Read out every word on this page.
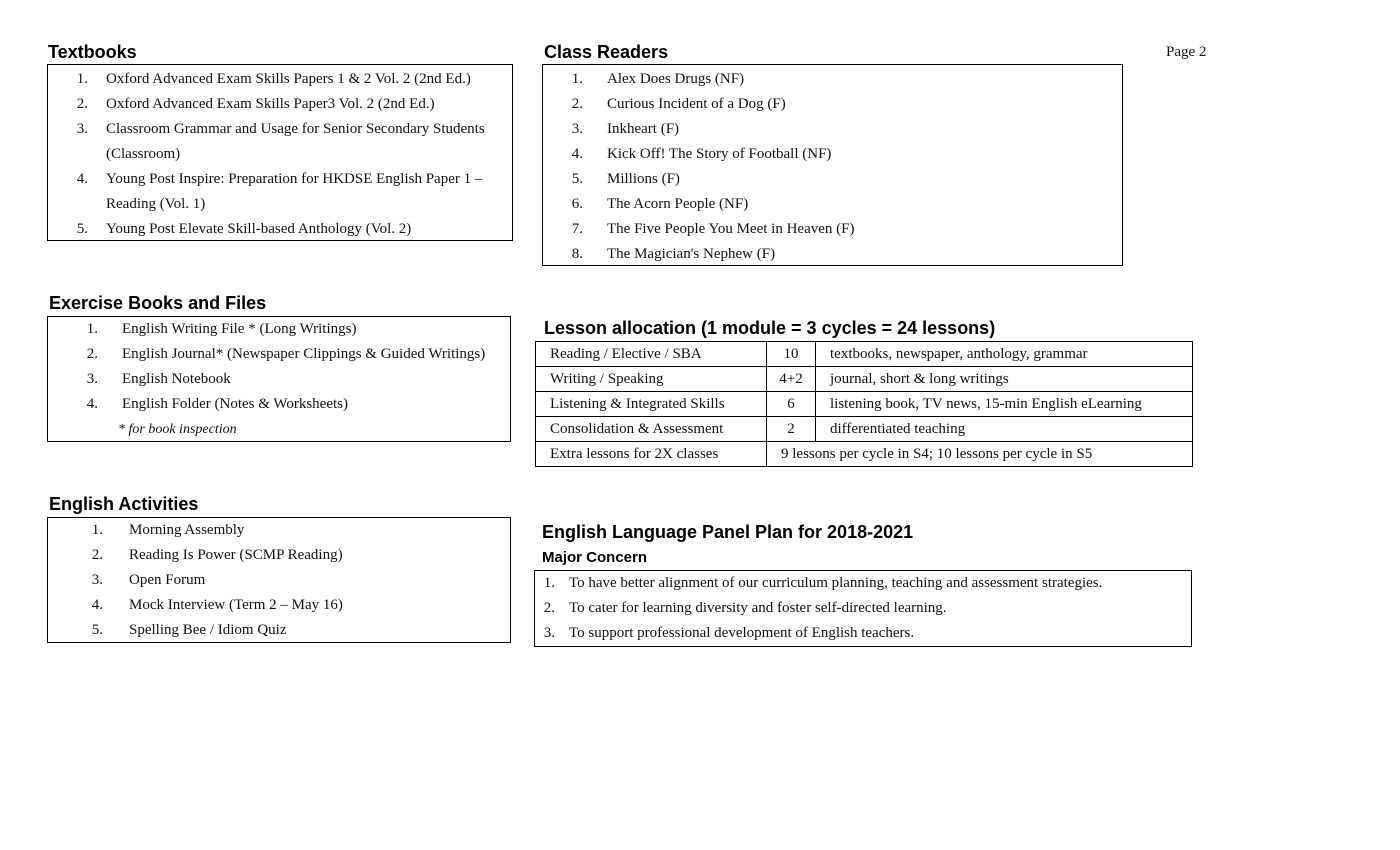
Page 2
Textbooks
1. Oxford Advanced Exam Skills Papers 1 & 2 Vol. 2 (2nd Ed.)
2. Oxford Advanced Exam Skills Paper3 Vol. 2 (2nd Ed.)
3. Classroom Grammar and Usage for Senior Secondary Students (Classroom)
4. Young Post Inspire: Preparation for HKDSE English Paper 1 – Reading (Vol. 1)
5. Young Post Elevate Skill-based Anthology (Vol. 2)
Class Readers
1. Alex Does Drugs (NF)
2. Curious Incident of a Dog (F)
3. Inkheart (F)
4. Kick Off! The Story of Football (NF)
5. Millions (F)
6. The Acorn People (NF)
7. The Five People You Meet in Heaven (F)
8. The Magician's Nephew (F)
Exercise Books and Files
1. English Writing File * (Long Writings)
2. English Journal* (Newspaper Clippings & Guided Writings)
3. English Notebook
4. English Folder (Notes & Worksheets)
* for book inspection
Lesson allocation (1 module = 3 cycles = 24 lessons)
Reading / Elective / SBA	10	textbooks, newspaper, anthology, grammar
Writing / Speaking	4+2	journal, short & long writings
Listening & Integrated Skills	6	listening book, TV news, 15-min English eLearning
Consolidation & Assessment	2	differentiated teaching
Extra lessons for 2X classes	9 lessons per cycle in S4; 10 lessons per cycle in S5	
English Activities
1. Morning Assembly
2. Reading Is Power (SCMP Reading)
3. Open Forum
4. Mock Interview (Term 2 – May 16)
5. Spelling Bee / Idiom Quiz
English Language Panel Plan for 2018-2021
Major Concern
1. To have better alignment of our curriculum planning, teaching and assessment strategies.
2. To cater for learning diversity and foster self-directed learning.
3. To support professional development of English teachers.
